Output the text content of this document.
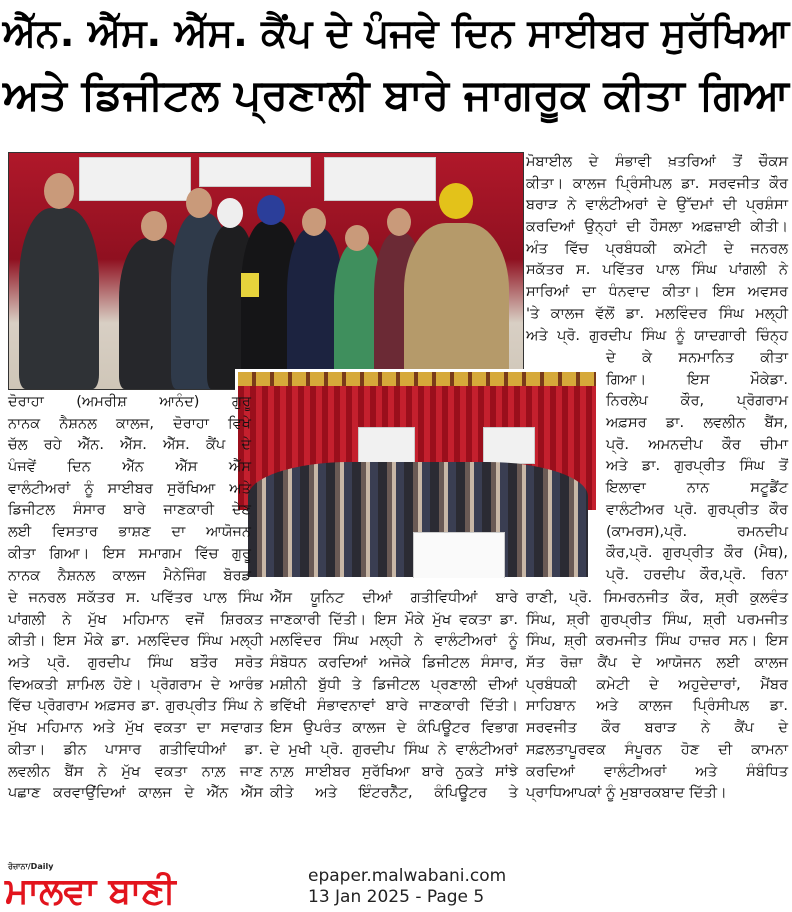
ਐੱਨ. ਐੱਸ. ਐੱਸ. ਕੈਂਪ ਦੇ ਪੰਜਵੇ ਦਿਨ ਸਾਈਬਰ ਸੁਰੱਖਿਆ
ਅਤੇ ਡਿਜੀਟਲ ਪ੍ਰਣਾਲੀ ਬਾਰੇ ਜਾਗਰੂਕ ਕੀਤਾ ਗਿਆ
ਦੋਰਾਹਾ (ਅਮਰੀਸ਼ ਆਨੰਦ) ਗੁਰੂ
ਨਾਨਕ ਨੈਸ਼ਨਲ ਕਾਲਜ, ਦੋਰਾਹਾ ਵਿਖੇ
ਚੱਲ ਰਹੇ ਐੱਨ. ਐੱਸ. ਐੱਸ. ਕੈਂਪ ਦੇ
ਪੰਜਵੇਂ ਦਿਨ ਐੱਨ ਐੱਸ ਐੱਸ
ਵਾਲੰਟੀਅਰਾਂ ਨੂੰ ਸਾਈਬਰ ਸੁਰੱਖਿਆ ਅਤੇ
ਡਿਜੀਟਲ ਸੰਸਾਰ ਬਾਰੇ ਜਾਣਕਾਰੀ ਦੇਣ
ਲਈ ਵਿਸਤਾਰ ਭਾਸ਼ਣ ਦਾ ਆਯੋਜਨ
ਕੀਤਾ ਗਿਆ। ਇਸ ਸਮਾਗਮ ਵਿੱਚ ਗੁਰੂ
ਨਾਨਕ ਨੈਸ਼ਨਲ ਕਾਲਜ ਮੈਨੇਜਿੰਗ ਬੋਰਡ
ਦੇ ਜਨਰਲ ਸਕੱਤਰ ਸ. ਪਵਿੱਤਰ ਪਾਲ ਸਿੰਘ
ਪਾਂਗਲੀ ਨੇ ਮੁੱਖ ਮਹਿਮਾਨ ਵਜੋਂ ਸ਼ਿਰਕਤ
ਕੀਤੀ। ਇਸ ਮੌਕੇ ਡਾ. ਮਲਵਿੰਦਰ ਸਿੰਘ ਮਲ੍ਹੀ
ਅਤੇ ਪ੍ਰੋ. ਗੁਰਦੀਪ ਸਿੰਘ ਬਤੌਰ ਸਰੋਤ
ਵਿਅਕਤੀ ਸ਼ਾਮਿਲ ਹੋਏ। ਪ੍ਰੋਗਰਾਮ ਦੇ ਆਰੰਭ
ਵਿੱਚ ਪ੍ਰੋਗਰਾਮ ਅਫ਼ਸਰ ਡਾ. ਗੁਰਪ੍ਰੀਤ ਸਿੰਘ ਨੇ
ਮੁੱਖ ਮਹਿਮਾਨ ਅਤੇ ਮੁੱਖ ਵਕਤਾ ਦਾ ਸਵਾਗਤ
ਕੀਤਾ। ਡੀਨ ਪਾਸਾਰ ਗਤੀਵਿਧੀਆਂ ਡਾ.
ਲਵਲੀਨ ਬੈਂਸ ਨੇ ਮੁੱਖ ਵਕਤਾ ਨਾਲ਼ ਜਾਣ
ਪਛਾਣ ਕਰਵਾਉਂਦਿਆਂ ਕਾਲਜ ਦੇ ਐੱਨ ਐੱਸ
ਐੱਸ ਯੂਨਿਟ ਦੀਆਂ ਗਤੀਵਿਧੀਆਂ ਬਾਰੇ
ਜਾਣਕਾਰੀ ਦਿੱਤੀ। ਇਸ ਮੌਕੇ ਮੁੱਖ ਵਕਤਾ ਡਾ.
ਮਲਵਿੰਦਰ ਸਿੰਘ ਮਲ੍ਹੀ ਨੇ ਵਾਲੰਟੀਅਰਾਂ ਨੂੰ
ਸੰਬੋਧਨ ਕਰਦਿਆਂ ਅਜੋਕੇ ਡਿਜੀਟਲ ਸੰਸਾਰ,
ਮਸ਼ੀਨੀ ਬੁੱਧੀ ਤੇ ਡਿਜੀਟਲ ਪ੍ਰਣਾਲੀ ਦੀਆਂ
ਭਵਿੱਖੀ ਸੰਭਾਵਨਾਵਾਂ ਬਾਰੇ ਜਾਣਕਾਰੀ ਦਿੱਤੀ।
ਇਸ ਉਪਰੰਤ ਕਾਲਜ ਦੇ ਕੰਪਿਊਟਰ ਵਿਭਾਗ
ਦੇ ਮੁਖੀ ਪ੍ਰੋ. ਗੁਰਦੀਪ ਸਿੰਘ ਨੇ ਵਾਲੰਟੀਅਰਾਂ
ਨਾਲ਼ ਸਾਈਬਰ ਸੁਰੱਖਿਆ ਬਾਰੇ ਨੁਕਤੇ ਸਾਂਝੇ
ਕੀਤੇ ਅਤੇ ਇੰਟਰਨੈੱਟ, ਕੰਪਿਊਟਰ ਤੇ
ਮੋਬਾਈਲ ਦੇ ਸੰਭਾਵੀ ਖ਼ਤਰਿਆਂ ਤੋਂ ਚੌਕਸ
ਕੀਤਾ। ਕਾਲਜ ਪ੍ਰਿੰਸੀਪਲ ਡਾ. ਸਰਵਜੀਤ ਕੌਰ
ਬਰਾੜ ਨੇ ਵਾਲੰਟੀਅਰਾਂ ਦੇ ਉੱਦਮਾਂ ਦੀ ਪ੍ਰਸ਼ੰਸਾ
ਕਰਦਿਆਂ ਉਨ੍ਹਾਂ ਦੀ ਹੌਸਲਾ ਅਫ਼ਜ਼ਾਈ ਕੀਤੀ।
ਅੰਤ ਵਿੱਚ ਪ੍ਰਬੰਧਕੀ ਕਮੇਟੀ ਦੇ ਜਨਰਲ
ਸਕੱਤਰ ਸ. ਪਵਿੱਤਰ ਪਾਲ ਸਿੰਘ ਪਾਂਗਲੀ ਨੇ
ਸਾਰਿਆਂ ਦਾ ਧੰਨਵਾਦ ਕੀਤਾ। ਇਸ ਅਵਸਰ
'ਤੇ ਕਾਲਜ ਵੱਲੋਂ ਡਾ. ਮਲਵਿੰਦਰ ਸਿੰਘ ਮਲ੍ਹੀ
ਅਤੇ ਪ੍ਰੋ. ਗੁਰਦੀਪ ਸਿੰਘ ਨੂੰ ਯਾਦਗਾਰੀ ਚਿੰਨ੍ਹ
ਦੇ ਕੇ ਸਨਮਾਨਿਤ ਕੀਤਾ
ਗਿਆ। ਇਸ ਮੌਕੇਡਾ.
ਨਿਰਲੇਪ ਕੌਰ, ਪ੍ਰੋਗਰਾਮ
ਅਫ਼ਸਰ ਡਾ. ਲਵਲੀਨ ਬੈਂਸ,
ਪ੍ਰੋ. ਅਮਨਦੀਪ ਕੌਰ ਚੀਮਾ
ਅਤੇ ਡਾ. ਗੁਰਪ੍ਰੀਤ ਸਿੰਘ ਤੋਂ
ਇਲਾਵਾ ਨਾਨ ਸਟੂਡੈਂਟ
ਵਾਲੰਟੀਅਰ ਪ੍ਰੋ. ਗੁਰਪ੍ਰੀਤ ਕੌਰ
(ਕਾਮਰਸ),ਪ੍ਰੋ. ਰਮਨਦੀਪ
ਕੌਰ,ਪ੍ਰੋ. ਗੁਰਪ੍ਰੀਤ ਕੌਰ (ਮੈਥ),
ਪ੍ਰੋ. ਹਰਦੀਪ ਕੌਰ,ਪ੍ਰੋ. ਰਿਨਾ
ਰਾਣੀ, ਪ੍ਰੋ. ਸਿਮਰਨਜੀਤ ਕੌਰ, ਸ਼੍ਰੀ ਕੁਲਵੰਤ
ਸਿੰਘ, ਸ਼੍ਰੀ ਗੁਰਪ੍ਰੀਤ ਸਿੰਘ, ਸ਼੍ਰੀ ਪਰਮਜੀਤ
ਸਿੰਘ, ਸ਼੍ਰੀ ਕਰਮਜੀਤ ਸਿੰਘ ਹਾਜ਼ਰ ਸਨ। ਇਸ
ਸੱਤ ਰੋਜ਼ਾ ਕੈਂਪ ਦੇ ਆਯੋਜਨ ਲਈ ਕਾਲਜ
ਪ੍ਰਬੰਧਕੀ ਕਮੇਟੀ ਦੇ ਅਹੁਦੇਦਾਰਾਂ, ਮੈਂਬਰ
ਸਾਹਿਬਾਨ ਅਤੇ ਕਾਲਜ ਪ੍ਰਿੰਸੀਪਲ ਡਾ.
ਸਰਵਜੀਤ ਕੌਰ ਬਰਾੜ ਨੇ ਕੈਂਪ ਦੇ
ਸਫ਼ਲਤਾਪੂਰਵਕ ਸੰਪੂਰਨ ਹੋਣ ਦੀ ਕਾਮਨਾ
ਕਰਦਿਆਂ ਵਾਲੰਟੀਅਰਾਂ ਅਤੇ ਸੰਬੰਧਿਤ
ਪ੍ਰਾਧਿਆਪਕਾਂ ਨੂੰ ਮੁਬਾਰਕਬਾਦ ਦਿੱਤੀ।
ਰੋਜ਼ਾਨਾ/Daily
ਮਾਲਵਾ ਬਾਣੀ	epaper.malwabani.com
13 Jan 2025 - Page 5
